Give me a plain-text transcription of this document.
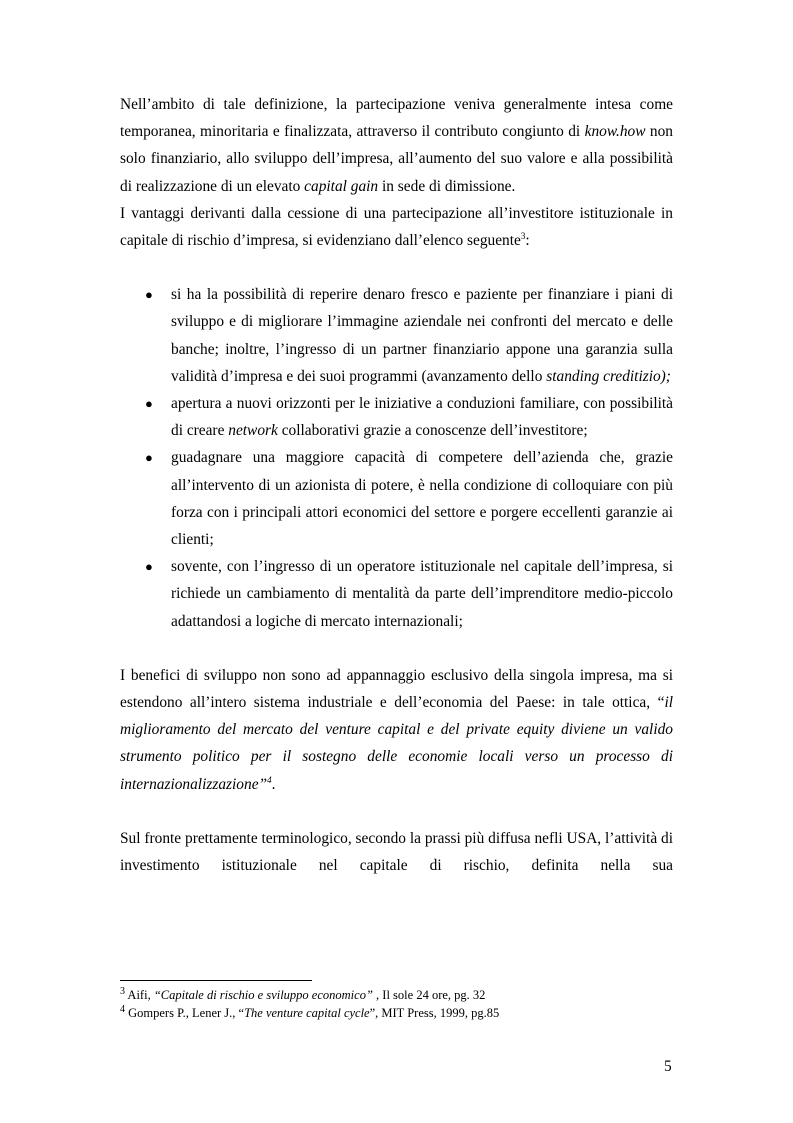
Nell’ambito di tale definizione, la partecipazione veniva generalmente intesa come temporanea, minoritaria e finalizzata, attraverso il contributo congiunto di know.how non solo finanziario, allo sviluppo dell’impresa, all’aumento del suo valore e alla possibilità di realizzazione di un elevato capital gain in sede di dimissione.

I vantaggi derivanti dalla cessione di una partecipazione all’investitore istituzionale in capitale di rischio d’impresa, si evidenziano dall’elenco seguente$^3$:

● si ha la possibilità di reperire denaro fresco e paziente per finanziare i piani di sviluppo e di migliorare l’immagine aziendale nei confronti del mercato e delle banche; inoltre, l’ingresso di un partner finanziario appone una garanzia sulla validità d’impresa e dei suoi programmi (avanzamento dello standing creditizio);
● apertura a nuovi orizzonti per le iniziative a conduzioni familiare, con possibilità di creare network collaborativi grazie a conoscenze dell’investitore;
● guadagnare una maggiore capacità di competere dell’azienda che, grazie all’intervento di un azionista di potere, è nella condizione di colloquiare con più forza con i principali attori economici del settore e porgere eccellenti garanzie ai clienti;
● sovente, con l’ingresso di un operatore istituzionale nel capitale dell’impresa, si richiede un cambiamento di mentalità da parte dell’imprenditore medio-piccolo adattandosi a logiche di mercato internazionali;

I benefici di sviluppo non sono ad appannaggio esclusivo della singola impresa, ma si estendono all’intero sistema industriale e dell’economia del Paese: in tale ottica, “il miglioramento del mercato del venture capital e del private equity diviene un valido strumento politico per il sostegno delle economie locali verso un processo di internazionalizzazione”$^4$.

Sul fronte prettamente terminologico, secondo la prassi più diffusa nefli USA, l’attività di investimento istituzionale nel capitale di rischio, definita nella sua

$^3$ Aifi, “Capitale di rischio e sviluppo economico” , Il sole 24 ore, pg. 32

$^4$ Gompers P., Lener J., “The venture capital cycle”, MIT Press, 1999, pg.85

5
